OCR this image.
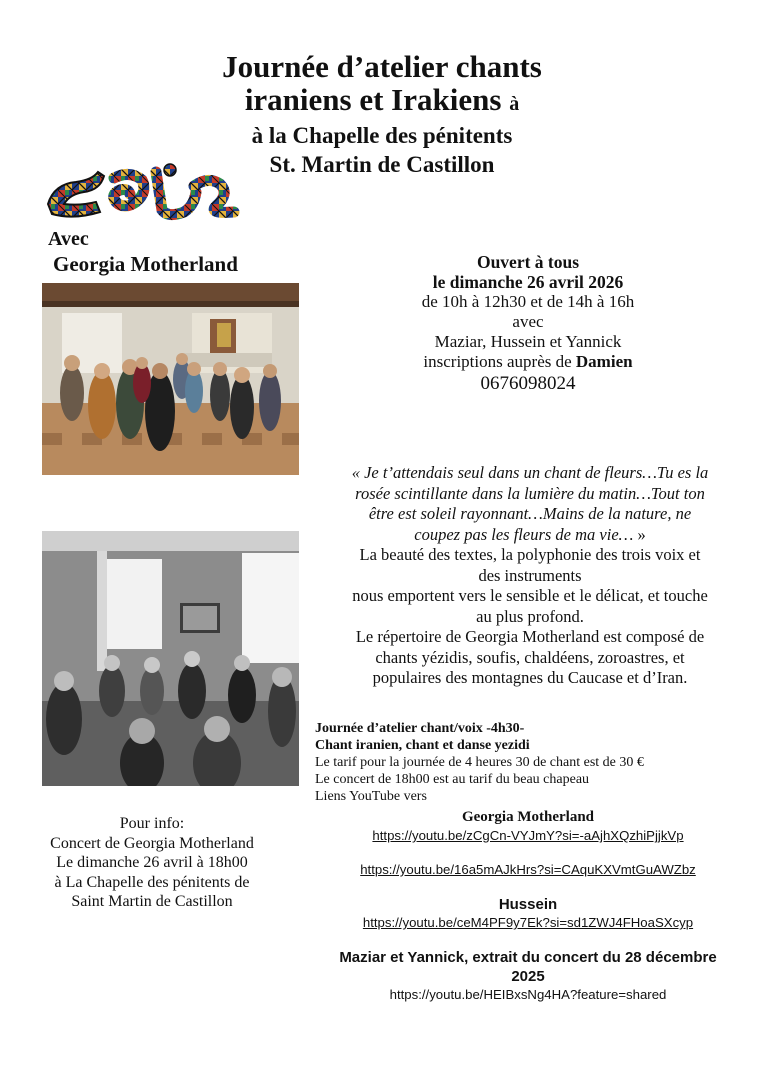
Journée d’atelier chants
iraniens et Irakiens à
à la Chapelle des pénitents
St. Martin de Castillon
Avec
Georgia Motherland	Ouvert à tous
le dimanche 26 avril 2026
de 10h à 12h30 et de 14h à 16h
avec
Maziar, Hussein et Yannick
inscriptions auprès de Damien
0676098024
« Je t’attendais seul dans un chant de fleurs…Tu es la
rosée scintillante dans la lumière du matin…Tout ton
être est soleil rayonnant…Mains de la nature, ne
coupez pas les fleurs de ma vie… »
La beauté des textes, la polyphonie des trois voix et
des instruments
nous emportent vers le sensible et le délicat, et touche
au plus profond.
Le répertoire de Georgia Motherland est composé de
chants yézidis, soufis, chaldéens, zoroastres, et
populaires des montagnes du Caucase et d’Iran.
Journée d’atelier chant/voix -4h30-
Chant iranien, chant et danse yezidi
Le tarif pour la journée de 4 heures 30 de chant est de 30 €
Le concert de 18h00 est au tarif du beau chapeau
Liens YouTube vers
Georgia Motherland
https://youtu.be/zCgCn-VYJmY?si=-aAjhXQzhiPjjkVp
https://youtu.be/16a5mAJkHrs?si=CAquKXVmtGuAWZbz
Hussein
https://youtu.be/ceM4PF9y7Ek?si=sd1ZWJ4FHoaSXcyp
Maziar et Yannick, extrait du concert du 28 décembre
2025
https://youtu.be/HEIBxsNg4HA?feature=shared
Pour info:
Concert de Georgia Motherland
Le dimanche 26 avril à 18h00
à La Chapelle des pénitents de
Saint Martin de Castillon
